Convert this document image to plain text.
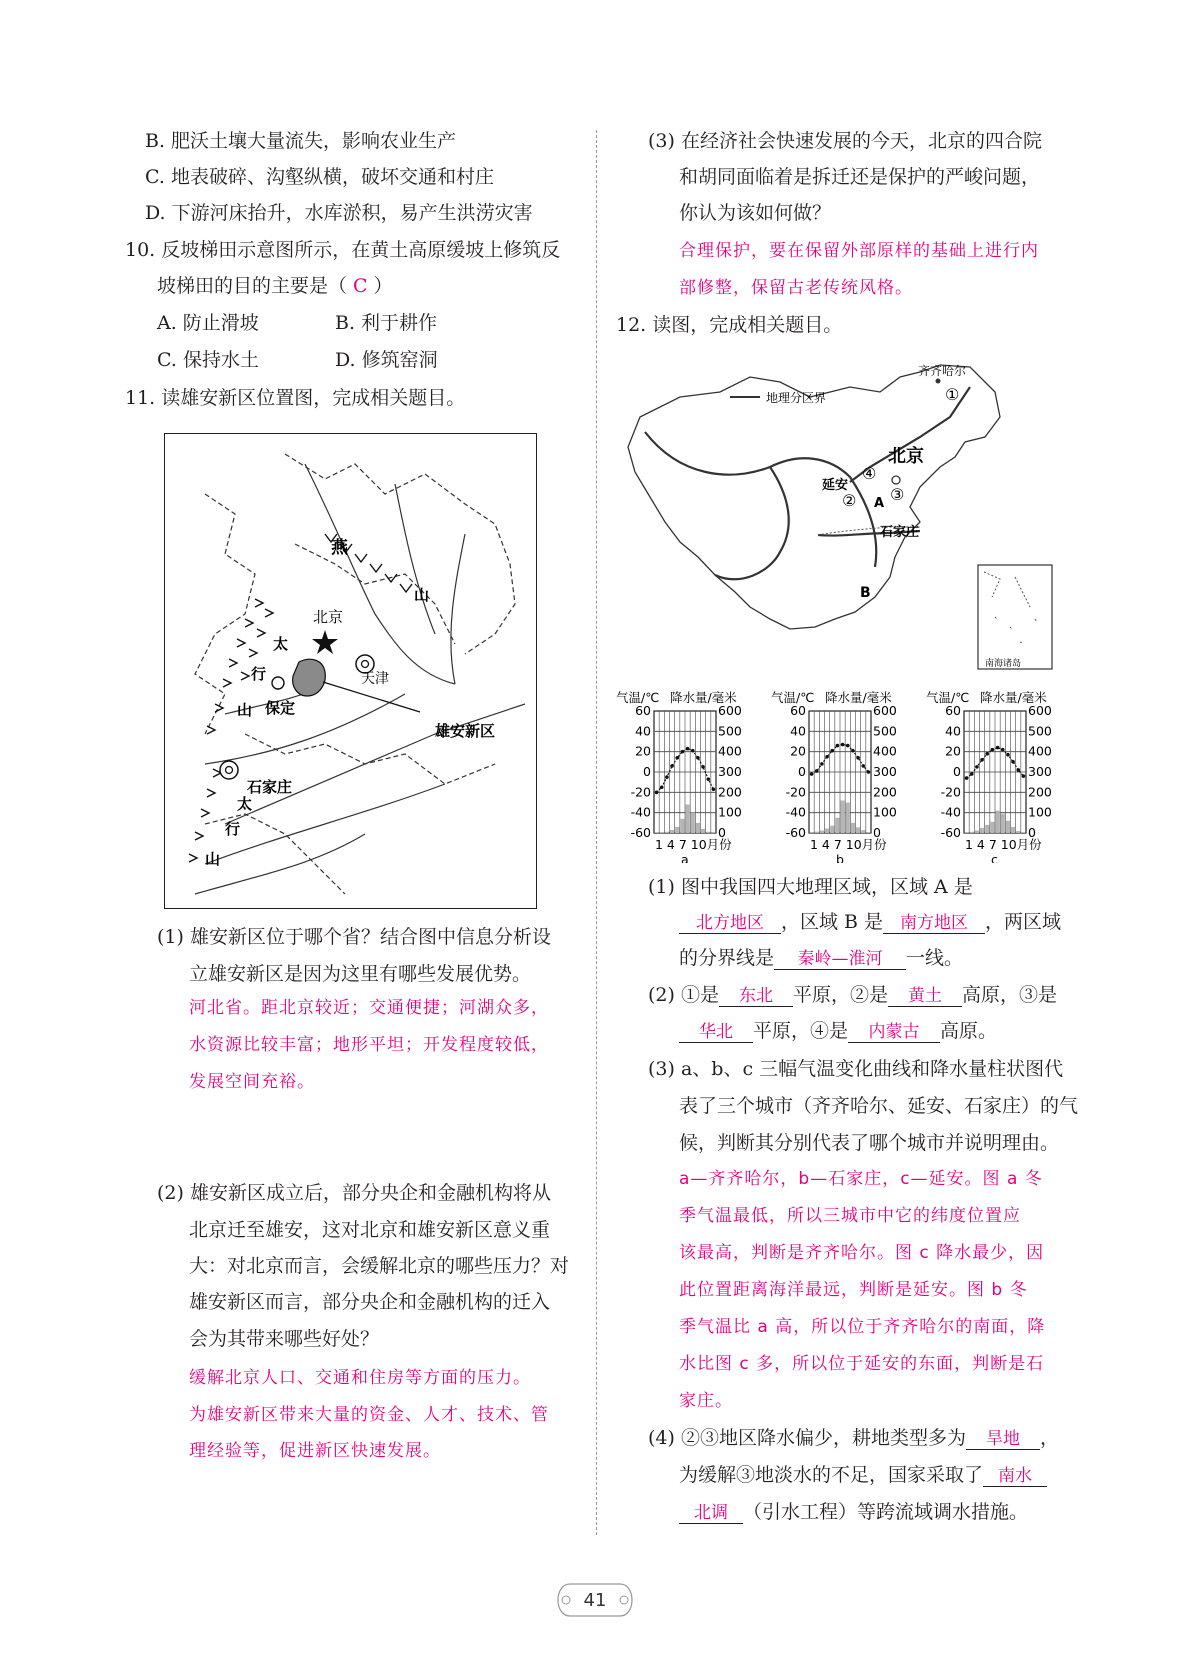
B. 肥沃土壤大量流失，影响农业生产
C. 地表破碎、沟壑纵横，破坏交通和村庄
D. 下游河床抬升，水库淤积，易产生洪涝灾害
10. 反坡梯田示意图所示，在黄土高原缓坡上修筑反
坡梯田的目的主要是（ C ）
A. 防止滑坡	B. 利于耕作
C. 保持水土	D. 修筑窑洞
11. 读雄安新区位置图，完成相关题目。
燕
山
北京
太
行
山
天津
保定
雄安新区
石家庄
太
行
山
(1) 雄安新区位于哪个省？结合图中信息分析设
立雄安新区是因为这里有哪些发展优势。
河北省。距北京较近；交通便捷；河湖众多，
水资源比较丰富；地形平坦；开发程度较低，
发展空间充裕。
(2) 雄安新区成立后，部分央企和金融机构将从
北京迁至雄安，这对北京和雄安新区意义重
大：对北京而言，会缓解北京的哪些压力？对
雄安新区而言，部分央企和金融机构的迁入
会为其带来哪些好处？
缓解北京人口、交通和住房等方面的压力。
为雄安新区带来大量的资金、人才、技术、管
理经验等，促进新区快速发展。
(3) 在经济社会快速发展的今天，北京的四合院
和胡同面临着是拆迁还是保护的严峻问题，
你认为该如何做？
合理保护，要在保留外部原样的基础上进行内
部修整，保留古老传统风格。
12. 读图，完成相关题目。
地理分区界
齐齐哈尔
①
北京
④
延安	③
② A
石家庄
B
南海诸岛
气温/℃ 降水量/毫米
60
40
20
0
-20
-40
-60
600
500
400
300
200
100
0
1 4 7 10月份
a
气温/℃ 降水量/毫米
60
40
20
0
-20
-40
-60
600
500
400
300
200
100
0
1 4 7 10月份
b
气温/℃ 降水量/毫米
60
40
20
0
-20
-40
-60
600
500
400
300
200
100
0
1 4 7 10月份
c
(1) 图中我国四大地理区域，区域 A 是
北方地区 ，区域 B 是 南方地区 ，两区域
的分界线是 秦岭—淮河 一线。
(2) ①是 东北 平原，②是 黄土 高原，③是
华北 平原，④是 内蒙古 高原。
(3) a、b、c 三幅气温变化曲线和降水量柱状图代
表了三个城市（齐齐哈尔、延安、石家庄）的气
候，判断其分别代表了哪个城市并说明理由。
a—齐齐哈尔，b—石家庄，c—延安。图 a 冬
季气温最低，所以三城市中它的纬度位置应
该最高，判断是齐齐哈尔。图 c 降水最少，因
此位置距离海洋最远，判断是延安。图 b 冬
季气温比 a 高，所以位于齐齐哈尔的南面，降
水比图 c 多，所以位于延安的东面，判断是石
家庄。
(4) ②③地区降水偏少，耕地类型多为 旱地 ，
为缓解③地淡水的不足，国家采取了 南水
北调 （引水工程）等跨流域调水措施。
41
